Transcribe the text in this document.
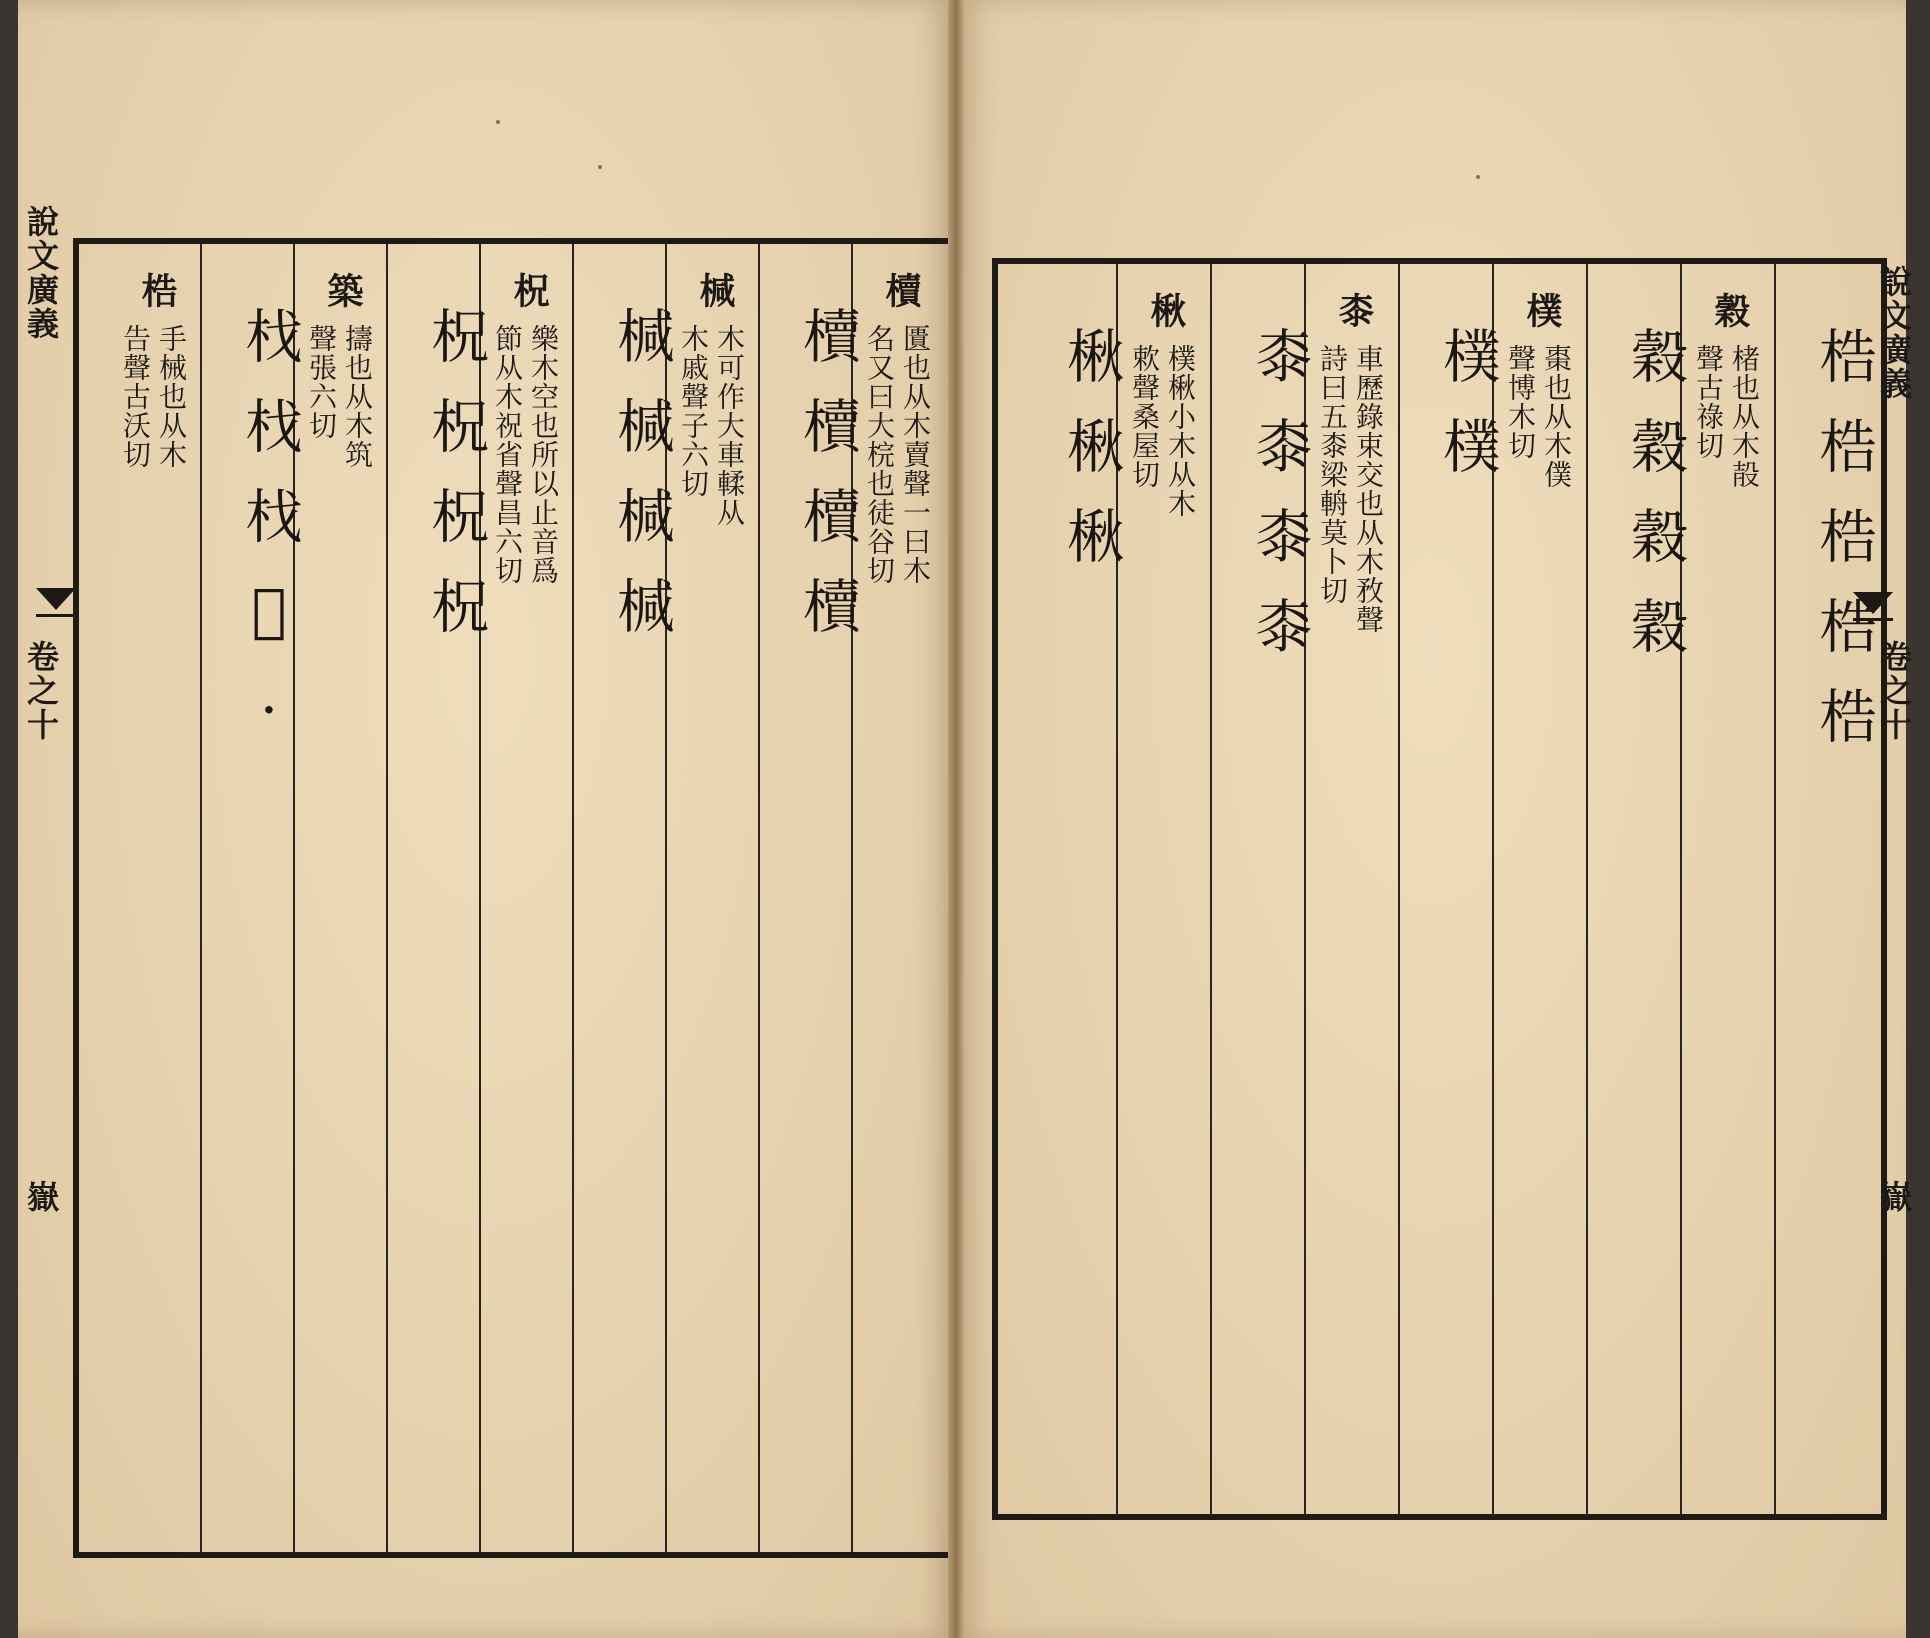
說文廣義
卷之十
嶽
櫝
匱也从木賣聲一曰木
名又曰大梡也徒谷切
櫝櫝櫝櫝
椷
木可作大車輮从
木戚聲子六切
椷椷椷椷
柷
樂木空也所以止音爲
節从木祝省聲昌六切
柷柷柷柷
築
擣也从木筑
聲張六切
𣏾𣏾𣏾𡏡·
梏
手械也从木
告聲古沃切	梏梏梏梏梏
穀
楮也从木㱿
聲古祿切
穀穀穀穀
樸
棗也从木僕
聲博木切
樸樸
桼
車歷錄束交也从木敄聲
詩曰五桼梁輈莫卜切
桼桼桼桼
楸
樸楸小木从木
欶聲桑屋切
楸楸楸	說文廣義
卷之十
嶽
